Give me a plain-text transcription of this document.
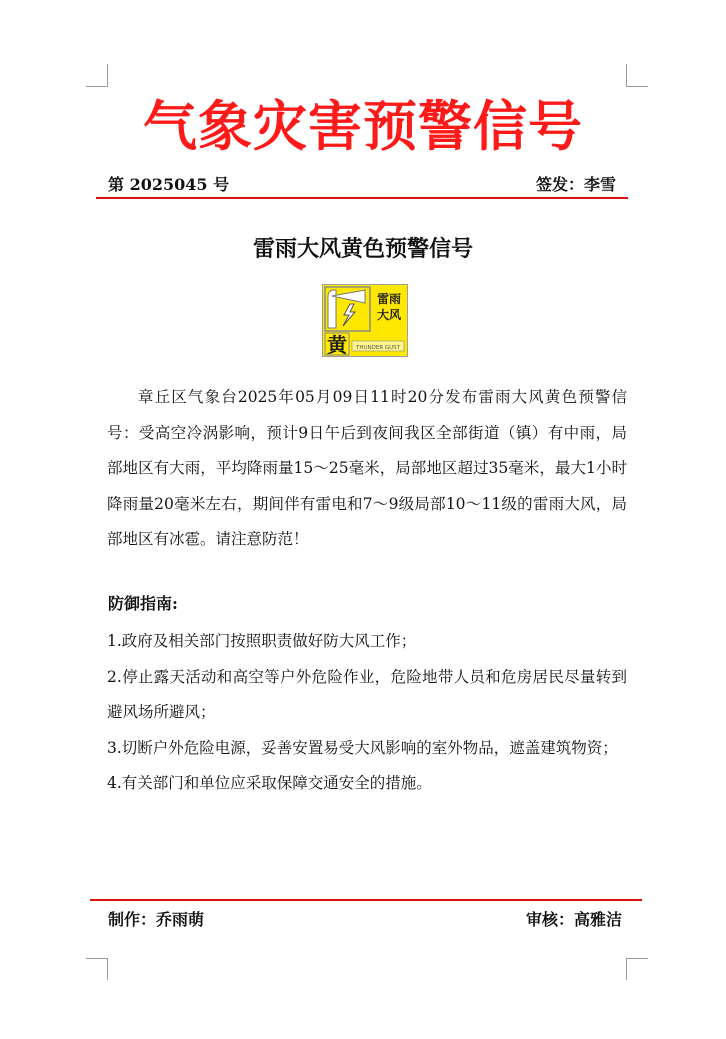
气象灾害预警信号
第 2025045 号	签发：李雪
雷雨大风黄色预警信号
雷雨
大风
黄 THUNDER GUST
章丘区气象台2025年05月09日11时20分发布雷雨大风黄色预警信号：受高空冷涡影响，预计9日午后到夜间我区全部街道（镇）有中雨，局部地区有大雨，平均降雨量15～25毫米，局部地区超过35毫米，最大1小时降雨量20毫米左右，期间伴有雷电和7～9级局部10～11级的雷雨大风，局部地区有冰雹。请注意防范！
防御指南:
1.政府及相关部门按照职责做好防大风工作；
2.停止露天活动和高空等户外危险作业，危险地带人员和危房居民尽量转到避风场所避风；
3.切断户外危险电源，妥善安置易受大风影响的室外物品，遮盖建筑物资；
4.有关部门和单位应采取保障交通安全的措施。
制作：乔雨萌	审核：高雅洁
